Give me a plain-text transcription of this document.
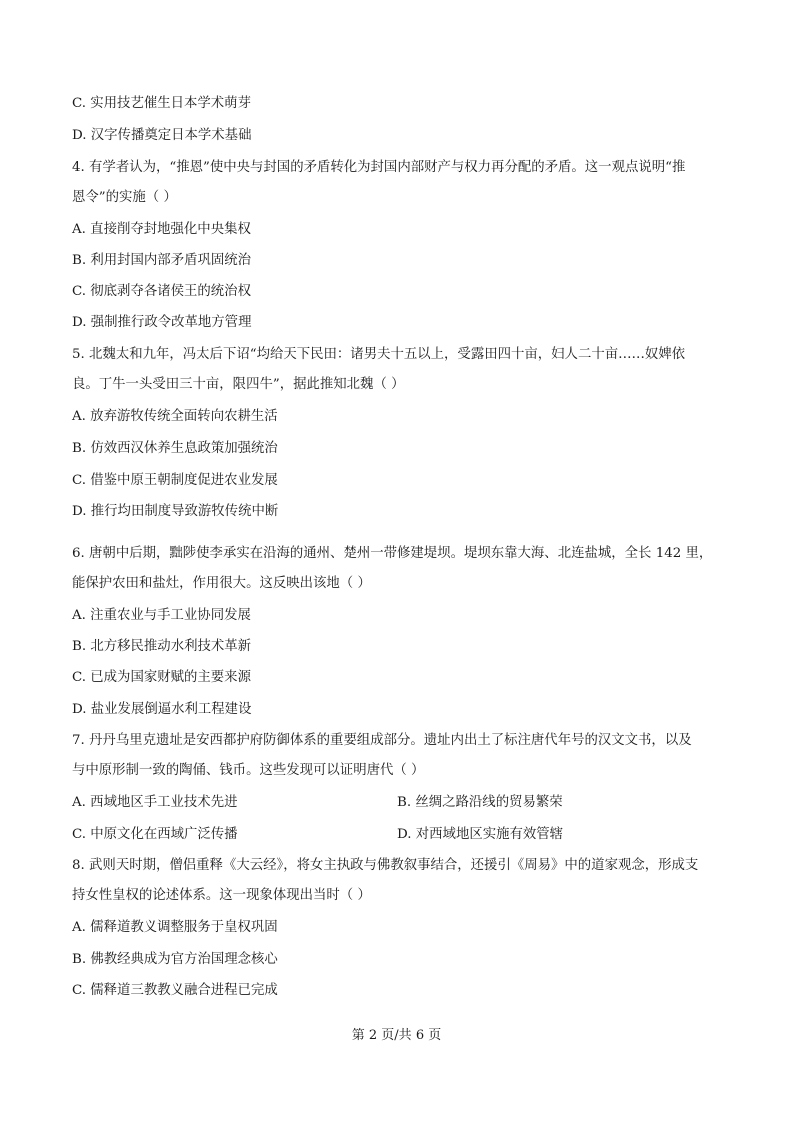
C. 实用技艺催生日本学术萌芽
D. 汉字传播奠定日本学术基础
4. 有学者认为，“推恩”使中央与封国的矛盾转化为封国内部财产与权力再分配的矛盾。这一观点说明“推
恩令”的实施（ ）
A. 直接削夺封地强化中央集权
B. 利用封国内部矛盾巩固统治
C. 彻底剥夺各诸侯王的统治权
D. 强制推行政令改革地方管理
5. 北魏太和九年，冯太后下诏“均给天下民田：诸男夫十五以上，受露田四十亩，妇人二十亩……奴婢依
良。丁牛一头受田三十亩，限四牛”，据此推知北魏（ ）
A. 放弃游牧传统全面转向农耕生活
B. 仿效西汉休养生息政策加强统治
C. 借鉴中原王朝制度促进农业发展
D. 推行均田制度导致游牧传统中断
6. 唐朝中后期，黜陟使李承实在沿海的通州、楚州一带修建堤坝。堤坝东靠大海、北连盐城，全长 142 里，
能保护农田和盐灶，作用很大。这反映出该地（ ）
A. 注重农业与手工业协同发展
B. 北方移民推动水利技术革新
C. 已成为国家财赋的主要来源
D. 盐业发展倒逼水利工程建设
7. 丹丹乌里克遗址是安西都护府防御体系的重要组成部分。遗址内出土了标注唐代年号的汉文文书，以及
与中原形制一致的陶俑、钱币。这些发现可以证明唐代（ ）
A. 西域地区手工业技术先进	B. 丝绸之路沿线的贸易繁荣
C. 中原文化在西域广泛传播	D. 对西域地区实施有效管辖
8. 武则天时期，僧侣重释《大云经》，将女主执政与佛教叙事结合，还援引《周易》中的道家观念，形成支
持女性皇权的论述体系。这一现象体现出当时（ ）
A. 儒释道教义调整服务于皇权巩固
B. 佛教经典成为官方治国理念核心
C. 儒释道三教教义融合进程已完成
第 2 页/共 6 页
